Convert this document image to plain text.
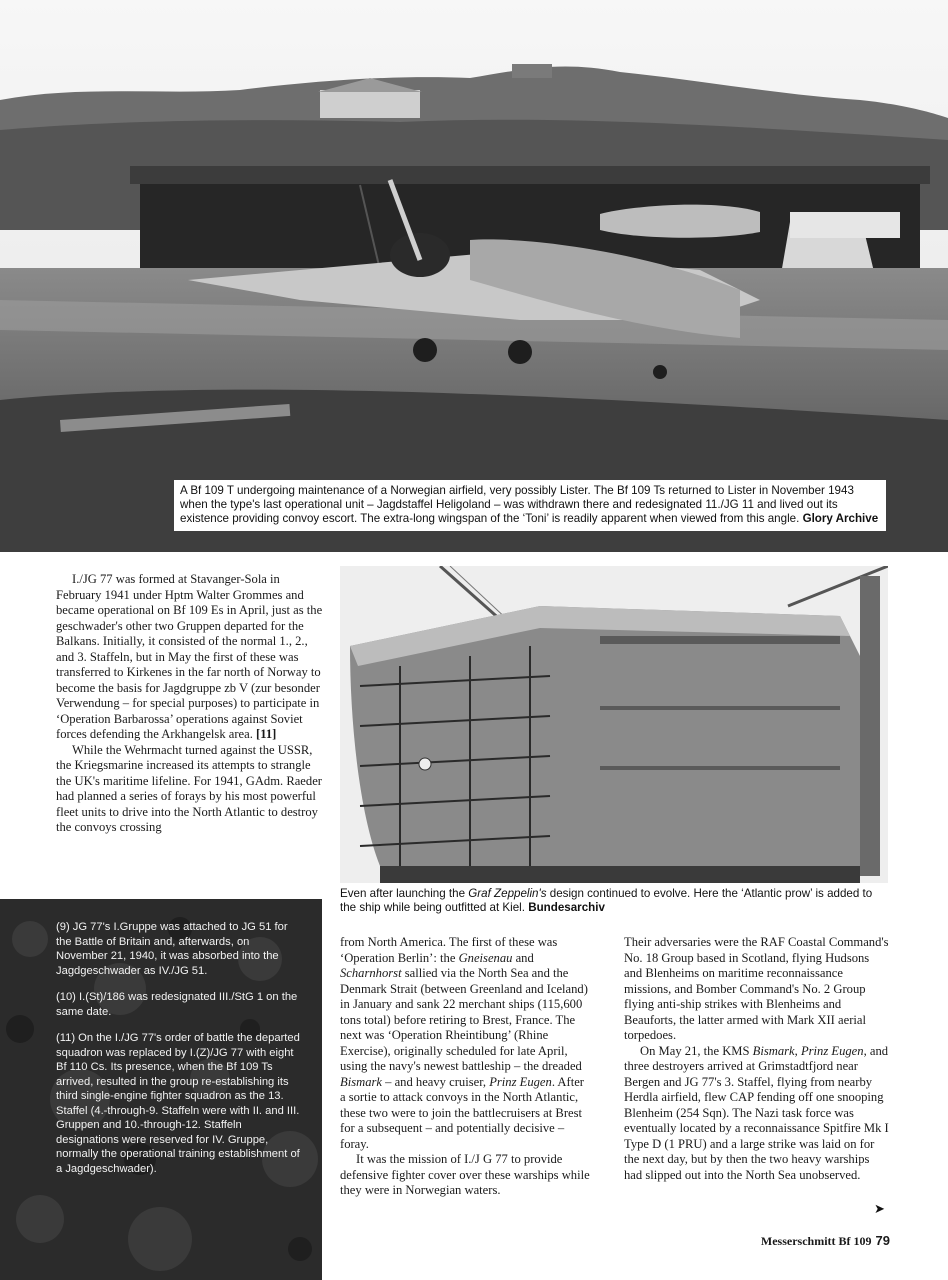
A Bf 109 T undergoing maintenance of a Norwegian airfield, very possibly Lister. The Bf 109 Ts returned to Lister in November 1943 when the type's last operational unit – Jagdstaffel Heligoland – was withdrawn there and redesignated 11./JG 11 and lived out its existence providing convoy escort. The extra-long wingspan of the ‘Toni’ is readily apparent when viewed from this angle. Glory Archive

I./JG 77 was formed at Stavanger-Sola in February 1941 under Hptm Walter Grommes and became operational on Bf 109 Es in April, just as the geschwader's other two Gruppen departed for the Balkans. Initially, it consisted of the normal 1., 2., and 3. Staffeln, but in May the first of these was transferred to Kirkenes in the far north of Norway to become the basis for Jagdgruppe zb V (zur besonder Verwendung – for special purposes) to participate in ‘Operation Barbarossa’ operations against Soviet forces defending the Arkhangelsk area. [11]

While the Wehrmacht turned against the USSR, the Kriegsmarine increased its attempts to strangle the UK's maritime lifeline. For 1941, GAdm. Raeder had planned a series of forays by his most powerful fleet units to drive into the North Atlantic to destroy the convoys crossing

Even after launching the Graf Zeppelin's design continued to evolve. Here the ‘Atlantic prow’ is added to the ship while being outfitted at Kiel. Bundesarchiv

(9) JG 77's I.Gruppe was attached to JG 51 for the Battle of Britain and, afterwards, on November 21, 1940, it was absorbed into the Jagdgeschwader as IV./JG 51.

(10) I.(St)/186 was redesignated III./StG 1 on the same date.

(11) On the I./JG 77's order of battle the departed squadron was replaced by I.(Z)/JG 77 with eight Bf 110 Cs. Its presence, when the Bf 109 Ts arrived, resulted in the group re-establishing its third single-engine fighter squadron as the 13. Staffel (4.-through-9. Staffeln were with II. and III. Gruppen and 10.-through-12. Staffeln designations were reserved for IV. Gruppe, normally the operational training establishment of a Jagdgeschwader).

from North America. The first of these was ‘Operation Berlin’: the Gneisenau and Scharnhorst sallied via the North Sea and the Denmark Strait (between Greenland and Iceland) in January and sank 22 merchant ships (115,600 tons total) before retiring to Brest, France. The next was ‘Operation Rheintibung’ (Rhine Exercise), originally scheduled for late April, using the navy's newest battleship – the dreaded Bismark – and heavy cruiser, Prinz Eugen. After a sortie to attack convoys in the North Atlantic, these two were to join the battlecruisers at Brest for a subsequent – and potentially decisive – foray.

It was the mission of I./J G 77 to provide defensive fighter cover over these warships while they were in Norwegian waters.

Their adversaries were the RAF Coastal Command's No. 18 Group based in Scotland, flying Hudsons and Blenheims on maritime reconnaissance missions, and Bomber Command's No. 2 Group flying anti-ship strikes with Blenheims and Beauforts, the latter armed with Mark XII aerial torpedoes.

On May 21, the KMS Bismark, Prinz Eugen, and three destroyers arrived at Grimstadtfjord near Bergen and JG 77's 3. Staffel, flying from nearby Herdla airfield, flew CAP fending off one snooping Blenheim (254 Sqn). The Nazi task force was eventually located by a reconnaissance Spitfire Mk I Type D (1 PRU) and a large strike was laid on for the next day, but by then the two heavy warships had slipped out into the North Sea unobserved.

➤
Messerschmitt Bf 109 79
